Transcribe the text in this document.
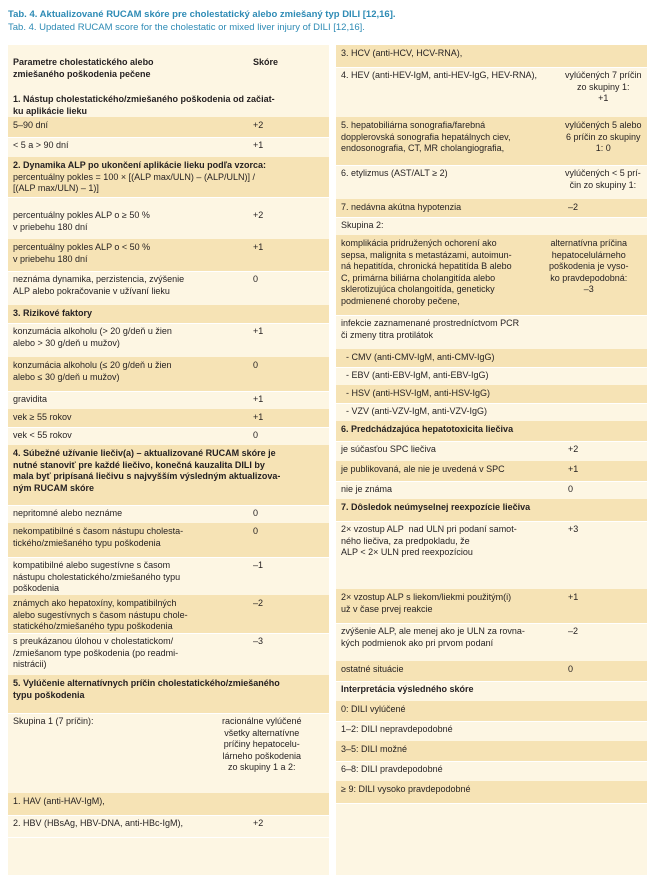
Tab. 4. Aktualizované RUCAM skóre pre cholestatický alebo zmiešaný typ DILI [12,16].
Tab. 4. Updated RUCAM score for the cholestatic or mixed liver injury of DILI [12,16].
Parametre cholestatického alebo
zmiešaného poškodenia pečene
Skóre
1. Nástup cholestatického/zmiešaného poškodenia od začiat-
ku aplikácie lieku
5–90 dní	+2
< 5 a > 90 dní	+1
2. Dynamika ALP po ukončení aplikácie lieku podľa vzorca:
percentuálny pokles = 100 × [(ALP max/ULN) – (ALP/ULN)] /
[(ALP max/ULN) – 1)]
percentuálny pokles ALP o ≥ 50 %
v priebehu 180 dní
+2
percentuálny pokles ALP o < 50 %
v priebehu 180 dní
+1
neznáma dynamika, perzistencia, zvýšenie
ALP alebo pokračovanie v užívaní lieku
0
3. Rizikové faktory
konzumácia alkoholu (> 20 g/deň u žien
alebo > 30 g/deň u mužov)
+1
konzumácia alkoholu (≤ 20 g/deň u žien
alebo ≤ 30 g/deň u mužov)
0
gravidita	+1
vek ≥ 55 rokov	+1
vek < 55 rokov	0
4. Súbežné užívanie liečiv(a) – aktualizované RUCAM skóre je
nutné stanoviť pre každé liečivo, konečná kauzalita DILI by
mala byť pripísaná liečivu s najvyšším výsledným aktualizova-
ným RUCAM skóre
nepritomné alebo neznáme	0
nekompatibilné s časom nástupu cholesta-
tického/zmiešaného typu poškodenia
0
kompatibilné alebo sugestívne s časom
nástupu cholestatického/zmiešaného typu
poškodenia
–1
známych ako hepatoxíny, kompatibilných
alebo sugestívnych s časom nástupu chole-
statického/zmiešaného typu poškodenia
–2
s preukázanou úlohou v cholestatickom/
/zmiešanom type poškodenia (po readmi-
nistrácii)
–3
5. Vylúčenie alternatívnych príčin cholestatického/zmiešaného
typu poškodenia
Skupina 1 (7 príčin):	racionálne vylúčené
všetky alternatívne
príčiny hepatocelu-
lárneho poškodenia
zo skupiny 1 a 2:
1. HAV (anti-HAV-IgM),
2. HBV (HBsAg, HBV-DNA, anti-HBc-IgM),	+2
3. HCV (anti-HCV, HCV-RNA),
4. HEV (anti-HEV-IgM, anti-HEV-IgG, HEV-RNA),	vylúčených 7 príčin
zo skupiny 1:
+1
5. hepatobiliárna sonografia/farebná
dopplerovská sonografia hepatálnych ciev,
endosonografia, CT, MR cholangiografia,
vylúčených 5 alebo
6 príčin zo skupiny
1: 0
6. etylizmus (AST/ALT ≥ 2)	vylúčených < 5 prí-
čin zo skupiny 1:
7. nedávna akútna hypotenzia	–2
Skupina 2:
komplikácia pridružených ochorení ako
sepsa, malignita s metastázami, autoimun-
ná hepatitída, chronická hepatitída B alebo
C, primárna biliárna cholangitída alebo
sklerotizujúca cholangoitída, geneticky
podmienené choroby pečene,
alternatívna príčina
hepatocelulárneho
poškodenia je vyso-
ko pravdepodobná:
–3
infekcie zaznamenané prostredníctvom PCR
či zmeny titra protilátok
- CMV (anti-CMV-IgM, anti-CMV-IgG)
- EBV (anti-EBV-IgM, anti-EBV-IgG)
- HSV (anti-HSV-IgM, anti-HSV-IgG)
- VZV (anti-VZV-IgM, anti-VZV-IgG)
6. Predchádzajúca hepatotoxicita liečiva
je súčasťou SPC liečiva	+2
je publikovaná, ale nie je uvedená v SPC	+1
nie je známa	0
7. Dôsledok neúmyselnej reexpozície liečiva
2× vzostup ALP  nad ULN pri podaní samot-
ného liečiva, za predpokladu, že
ALP < 2× ULN pred reexpozíciou
+3
2× vzostup ALP s liekom/liekmi použitým(i)
už v čase prvej reakcie
+1
zvýšenie ALP, ale menej ako je ULN za rovna-
kých podmienok ako pri prvom podaní
–2
ostatné situácie	0
Interpretácia výsledného skóre
0: DILI vylúčené
1–2: DILI nepravdepodobné
3–5: DILI možné
6–8: DILI pravdepodobné
≥ 9: DILI vysoko pravdepodobné
